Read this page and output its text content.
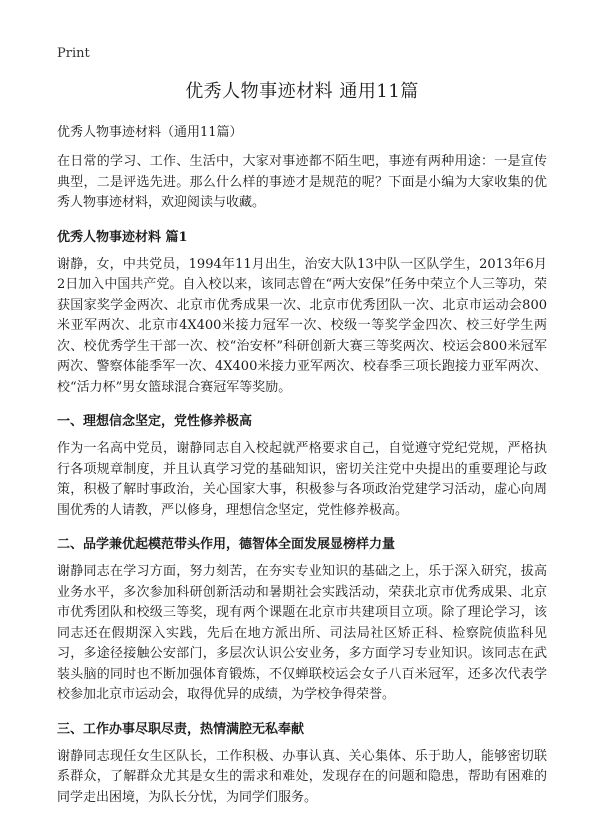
Print
优秀人物事迹材料 通用11篇
优秀人物事迹材料（通用11篇）

在日常的学习、工作、生活中，大家对事迹都不陌生吧，事迹有两种用途：一是宣传典型，二是评选先进。那么什么样的事迹才是规范的呢？下面是小编为大家收集的优秀人物事迹材料，欢迎阅读与收藏。

优秀人物事迹材料 篇1

谢静，女，中共党员，1994年11月出生，治安大队13中队一区队学生，2013年6月2日加入中国共产党。自入校以来，该同志曾在“两大安保”任务中荣立个人三等功，荣获国家奖学金两次、北京市优秀成果一次、北京市优秀团队一次、北京市运动会800米亚军两次、北京市4X400米接力冠军一次、校级一等奖学金四次、校三好学生两次、校优秀学生干部一次、校“治安杯”科研创新大赛三等奖两次、校运会800米冠军两次、警察体能季军一次、4X400米接力亚军两次、校春季三项长跑接力亚军两次、校“活力杯”男女篮球混合赛冠军等奖励。

一、理想信念坚定，党性修养极高

作为一名高中党员，谢静同志自入校起就严格要求自己，自觉遵守党纪党规，严格执行各项规章制度，并且认真学习党的基础知识，密切关注党中央提出的重要理论与政策，积极了解时事政治，关心国家大事，积极参与各项政治党建学习活动，虚心向周围优秀的人请教，严以修身，理想信念坚定，党性修养极高。

二、品学兼优起模范带头作用，德智体全面发展显榜样力量

谢静同志在学习方面，努力刻苦，在夯实专业知识的基础之上，乐于深入研究，拔高业务水平，多次参加科研创新活动和暑期社会实践活动，荣获北京市优秀成果、北京市优秀团队和校级三等奖，现有两个课题在北京市共建项目立项。除了理论学习，该同志还在假期深入实践，先后在地方派出所、司法局社区矫正科、检察院侦监科见习，多途径接触公安部门，多层次认识公安业务，多方面学习专业知识。该同志在武装头脑的同时也不断加强体育锻炼，不仅蝉联校运会女子八百米冠军，还多次代表学校参加北京市运动会，取得优异的成绩，为学校争得荣誉。

三、工作办事尽职尽责，热情满腔无私奉献

谢静同志现任女生区队长，工作积极、办事认真、关心集体、乐于助人，能够密切联系群众，了解群众尤其是女生的需求和难处，发现存在的问题和隐患，帮助有困难的同学走出困境，为队长分忧，为同学们服务。
